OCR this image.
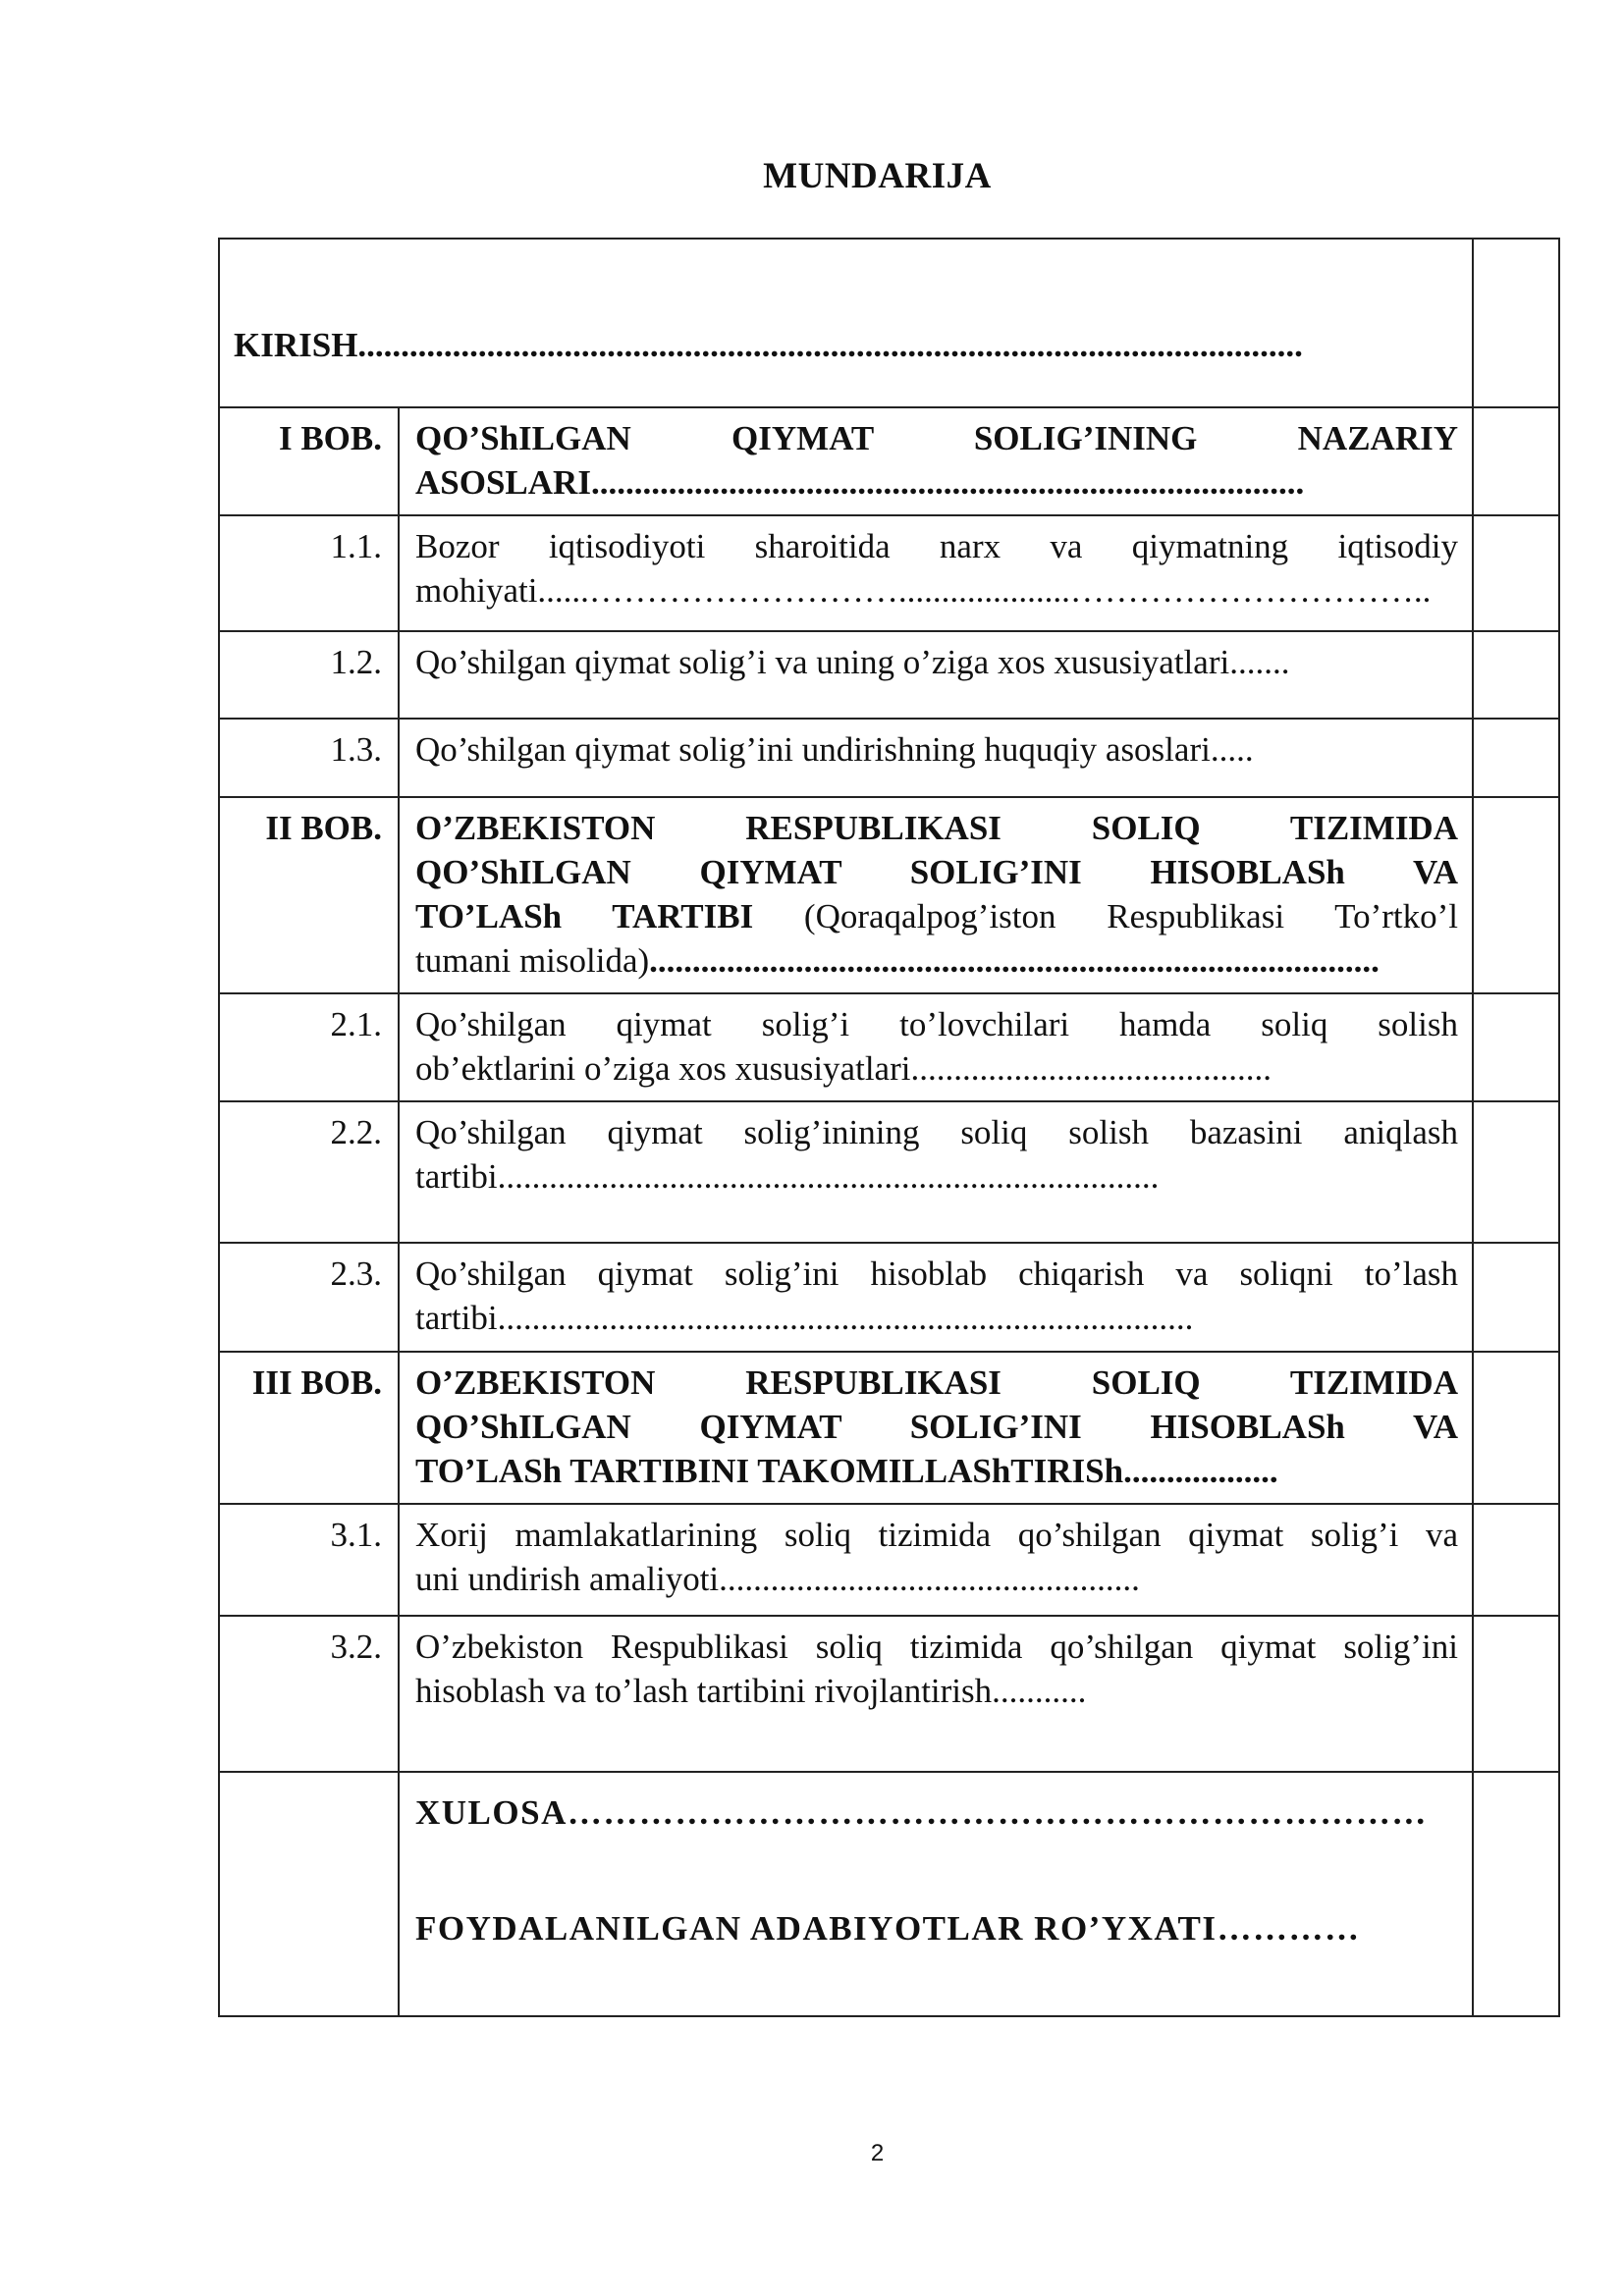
MUNDARIJA
KIRISH..............................................................................................................		
I BOB.	QO’ShILGAN QIYMAT SOLIG’INING NAZARIY
ASOSLARI...................................................................................	

1.1.	Bozor iqtisodiyoti sharoitida narx va qiymatning iqtisodiy
mohiyati......………………………....................…………………………..	

1.2.	Qo’shilgan qiymat solig’i va uning o’ziga xos xususiyatlari.......	

1.3.	Qo’shilgan qiymat solig’ini undirishning huquqiy asoslari.....	

II BOB.	O’ZBEKISTON RESPUBLIKASI SOLIQ TIZIMIDA
QO’ShILGAN QIYMAT SOLIG’INI HISOBLASh VA
TO’LASh TARTIBI (Qoraqalpog’iston Respublikasi To’rtko’l
tumani misolida).....................................................................................	

2.1.	Qo’shilgan qiymat solig’i to’lovchilari hamda soliq solish
ob’ektlarini o’ziga xos xususiyatlari..........................................	

2.2.	Qo’shilgan qiymat solig’inining soliq solish bazasini aniqlash
tartibi.............................................................................	

2.3.	Qo’shilgan qiymat solig’ini hisoblab chiqarish va soliqni to’lash
tartibi.................................................................................	

III BOB.	O’ZBEKISTON RESPUBLIKASI SOLIQ TIZIMIDA
QO’ShILGAN QIYMAT SOLIG’INI HISOBLASh VA
TO’LASh TARTIBINI TAKOMILLAShTIRISh..................	

3.1.	Xorij mamlakatlarining soliq tizimida qo’shilgan qiymat solig’i va
uni undirish amaliyoti.................................................	

3.2.	O’zbekiston Respublikasi soliq tizimida qo’shilgan qiymat solig’ini
hisoblash va to’lash tartibini rivojlantirish...........	

	XULOSA………………………………………………………………
FOYDALANILGAN ADABIYOTLAR RO’YXATI…………	

2
